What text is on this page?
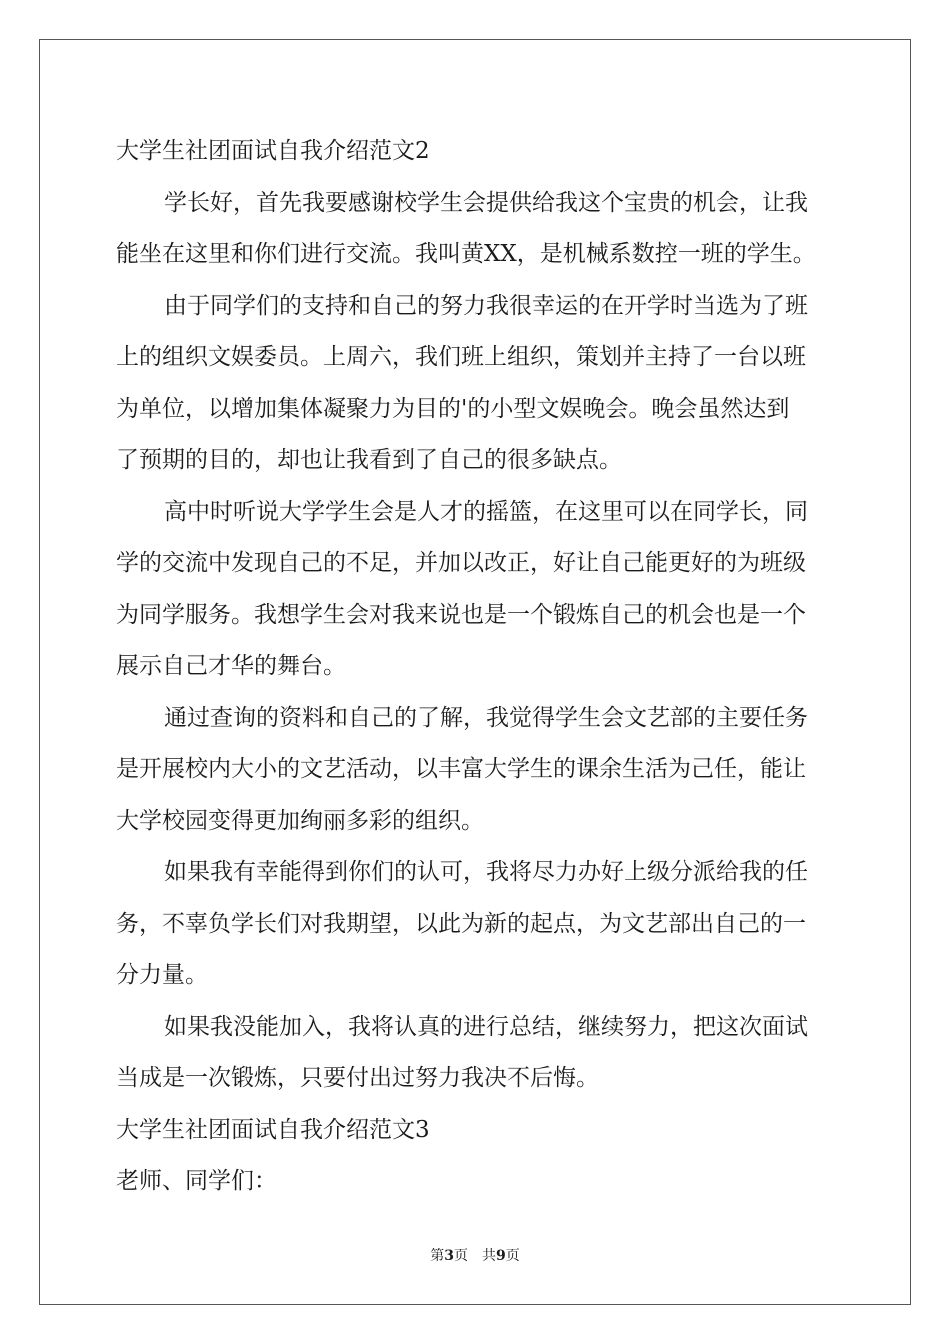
大学生社团面试自我介绍范文2

学长好，首先我要感谢校学生会提供给我这个宝贵的机会，让我

能坐在这里和你们进行交流。我叫黄XX，是机械系数控一班的学生。

由于同学们的支持和自己的努力我很幸运的在开学时当选为了班

上的组织文娱委员。上周六，我们班上组织，策划并主持了一台以班

为单位，以增加集体凝聚力为目的'的小型文娱晚会。晚会虽然达到

了预期的目的，却也让我看到了自己的很多缺点。

高中时听说大学学生会是人才的摇篮，在这里可以在同学长，同

学的交流中发现自己的不足，并加以改正，好让自己能更好的为班级

为同学服务。我想学生会对我来说也是一个锻炼自己的机会也是一个

展示自己才华的舞台。

通过查询的资料和自己的了解，我觉得学生会文艺部的主要任务

是开展校内大小的文艺活动，以丰富大学生的课余生活为己任，能让

大学校园变得更加绚丽多彩的组织。

如果我有幸能得到你们的认可，我将尽力办好上级分派给我的任

务，不辜负学长们对我期望，以此为新的起点，为文艺部出自己的一

分力量。

如果我没能加入，我将认真的进行总结，继续努力，把这次面试

当成是一次锻炼，只要付出过努力我决不后悔。

大学生社团面试自我介绍范文3

老师、同学们：

第3页 共9页
